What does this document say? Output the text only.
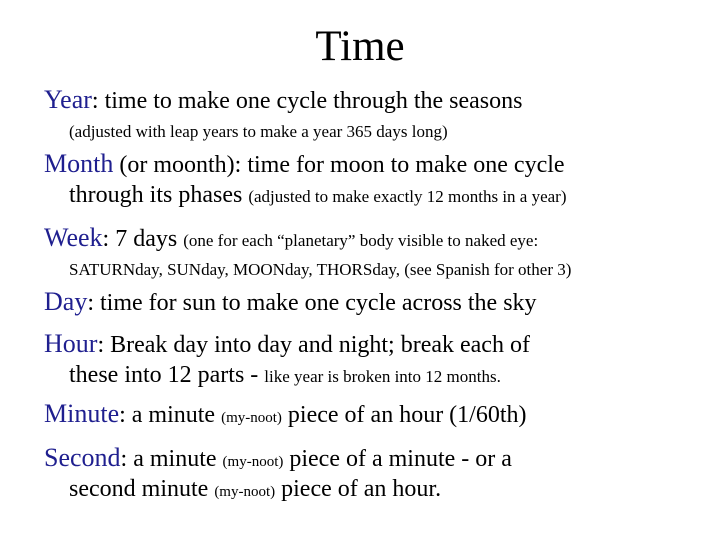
Time
Year: time to make one cycle through the seasons
(adjusted with leap years to make a year 365 days long)
Month (or moonth): time for moon to make one cycle
through its phases (adjusted to make exactly 12 months in a year)
Week: 7 days (one for each “planetary” body visible to naked eye:
SATURNday, SUNday, MOONday, THORSday, (see Spanish for other 3)
Day: time for sun to make one cycle across the sky
Hour: Break day into day and night; break each of
these into 12 parts - like year is broken into 12 months.
Minute: a minute (my-noot) piece of an hour (1/60th)
Second: a minute (my-noot) piece of a minute - or a
second minute (my-noot) piece of an hour.
